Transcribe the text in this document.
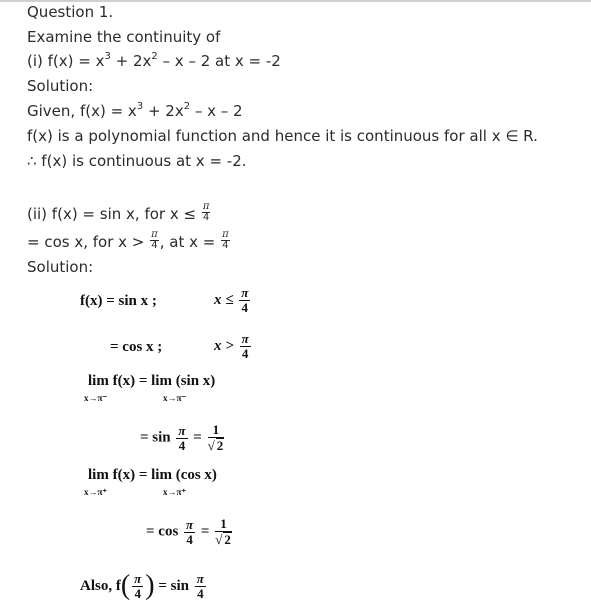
Question 1.
Examine the continuity of
(i) $f(x) = x^3 + 2x^2 - x - 2$ at x = -2
Solution:
Given, $f(x) = x^3 + 2x^2 - x - 2$
f(x) is a polynomial function and hence it is continuous for all x ∈ R.
∴ f(x) is continuous at x = -2.
(ii) f(x) = sin x, for $x \le \frac{\pi}{4}$
= cos x, for $x > \frac{\pi}{4}$ , at $x = \frac{\pi}{4}$
Solution:
f(x) = sin x ;	$x \le \frac{\pi}{4}$
= cos x ;	$x > \frac{\pi}{4}$
lim f(x) = lim (sin x)
x→π⁻	x→π⁻
= $\sin \frac{\pi}{4} = \frac{1}{√ 2}$
lim f(x) = lim (cos x)
x→π⁺	x→π⁺
= $\cos \frac{\pi}{4} = \frac{1}{√ 2}$
Also, $f( \frac{\pi}{4}$ ) = $\sin \frac{\pi}{4}$
